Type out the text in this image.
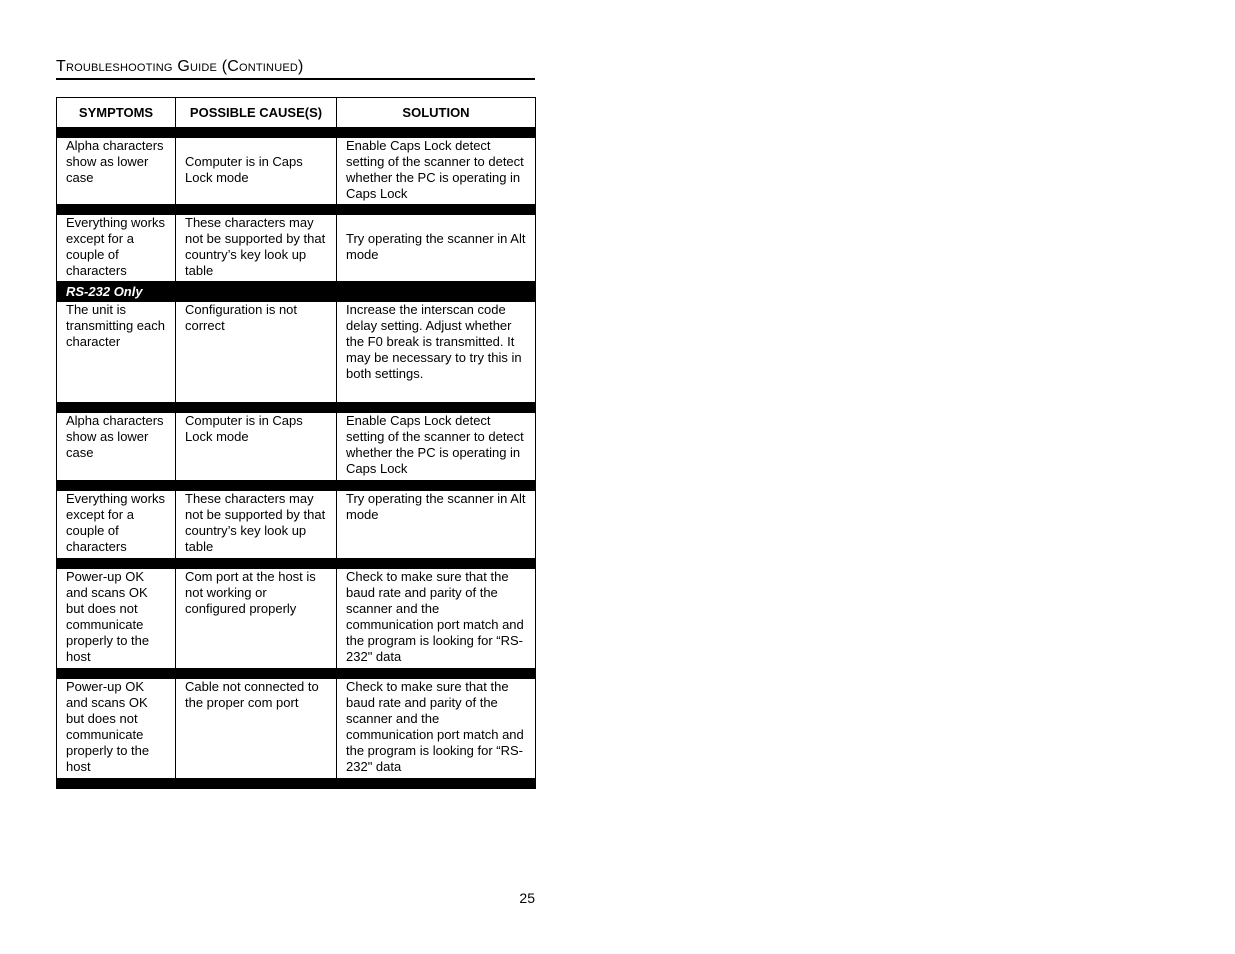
Troubleshooting Guide (Continued)
SYMPTOMS	POSSIBLE CAUSE(S)	SOLUTION

Alpha characters show as lower case	Computer is in Caps Lock mode	Enable Caps Lock detect setting of the scanner to detect whether the PC is operating in Caps Lock

Everything works except for a couple of characters	These characters may not be supported by that country’s key look up table	Try operating the scanner in Alt mode
RS-232 Only		
The unit is transmitting each character	Configuration is not correct	Increase the interscan code delay setting. Adjust whether the F0 break is transmitted. It may be necessary to try this in both settings.

Alpha characters show as lower case	Computer is in Caps Lock mode	Enable Caps Lock detect setting of the scanner to detect whether the PC is operating in Caps Lock

Everything works except for a couple of characters	These characters may not be supported by that country’s key look up table	Try operating the scanner in Alt mode

Power-up OK and scans OK but does not communicate properly to the host	Com port at the host is not working or configured properly	Check to make sure that the baud rate and parity of the scanner and the communication port match and the program is looking for “RS-232" data

Power-up OK and scans OK but does not communicate properly to the host	Cable not connected to the proper com port	Check to make sure that the baud rate and parity of the scanner and the communication port match and the program is looking for “RS-232" data

25
